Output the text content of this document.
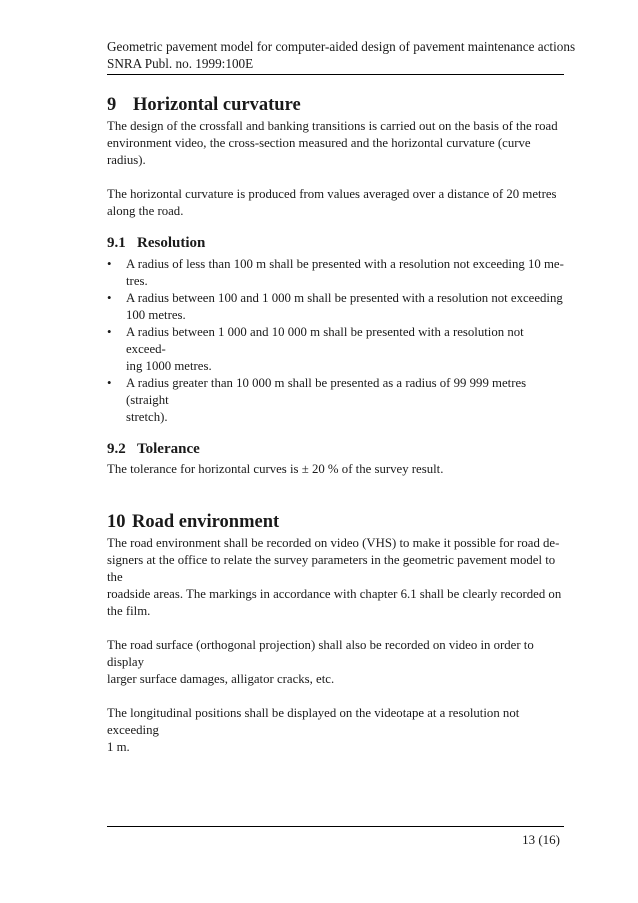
Geometric pavement model for computer-aided design of pavement maintenance actions
SNRA Publ. no. 1999:100E
9 Horizontal curvature

The design of the crossfall and banking transitions is carried out on the basis of the road
environment video, the cross-section measured and the horizontal curvature (curve radius).

The horizontal curvature is produced from values averaged over a distance of 20 metres
along the road.

9.1 Resolution
• A radius of less than 100 m shall be presented with a resolution not exceeding 10 me-
tres.
• A radius between 100 and 1 000 m shall be presented with a resolution not exceeding
100 metres.
• A radius between 1 000 and 10 000 m shall be presented with a resolution not exceed-
ing 1000 metres.
• A radius greater than 10 000 m shall be presented as a radius of 99 999 metres (straight
stretch).
9.2 Tolerance

The tolerance for horizontal curves is ± 20 % of the survey result.

10 Road environment

The road environment shall be recorded on video (VHS) to make it possible for road de-
signers at the office to relate the survey parameters in the geometric pavement model to the
roadside areas. The markings in accordance with chapter 6.1 shall be clearly recorded on
the film.

The road surface (orthogonal projection) shall also be recorded on video in order to display
larger surface damages, alligator cracks, etc.

The longitudinal positions shall be displayed on the videotape at a resolution not exceeding
1 m.

13 (16)
